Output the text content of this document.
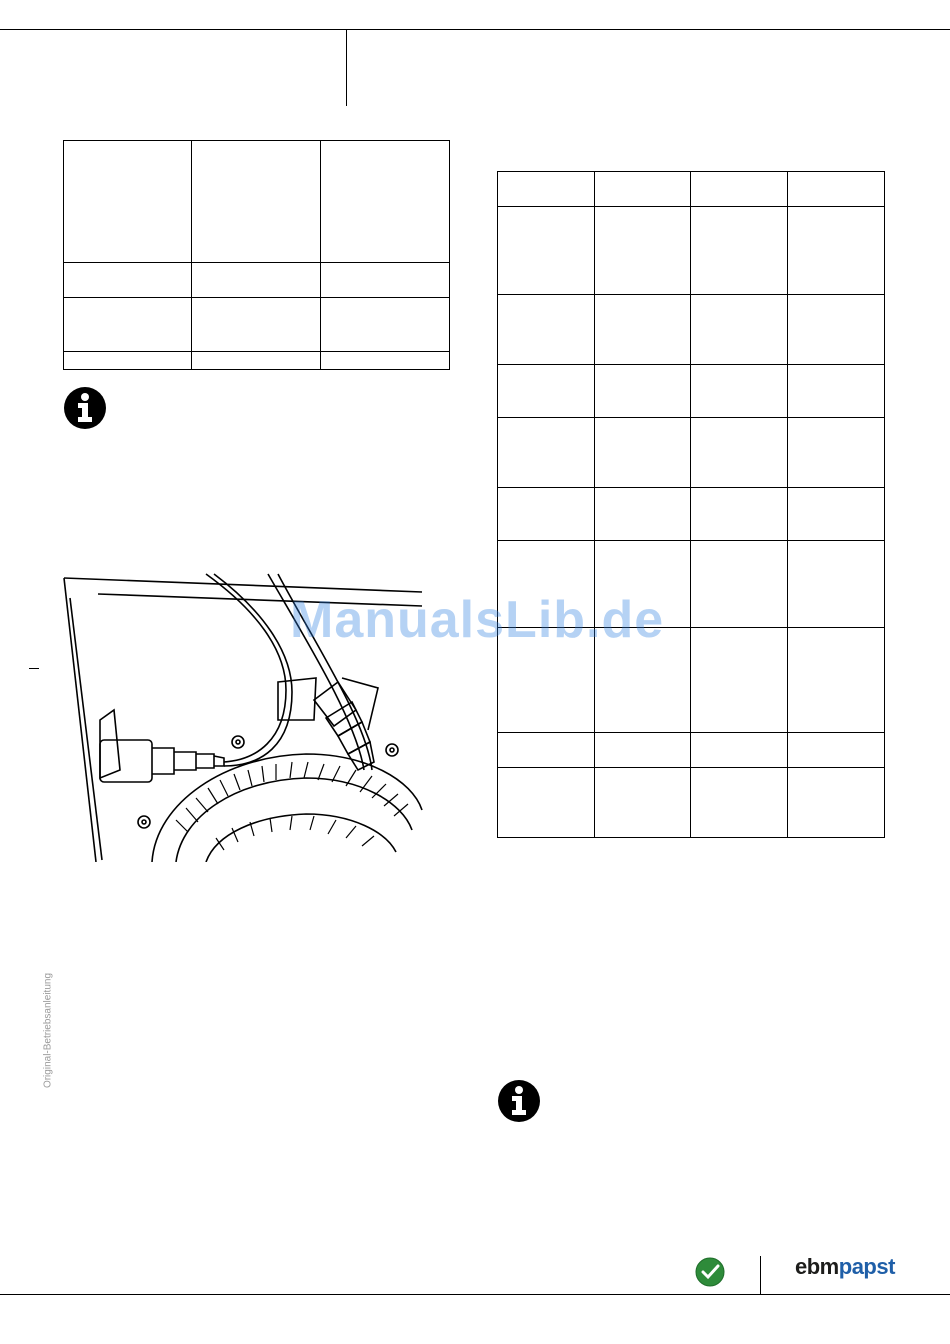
ManualsLib.de
Original-Betriebsanleitung
ebmpapst
